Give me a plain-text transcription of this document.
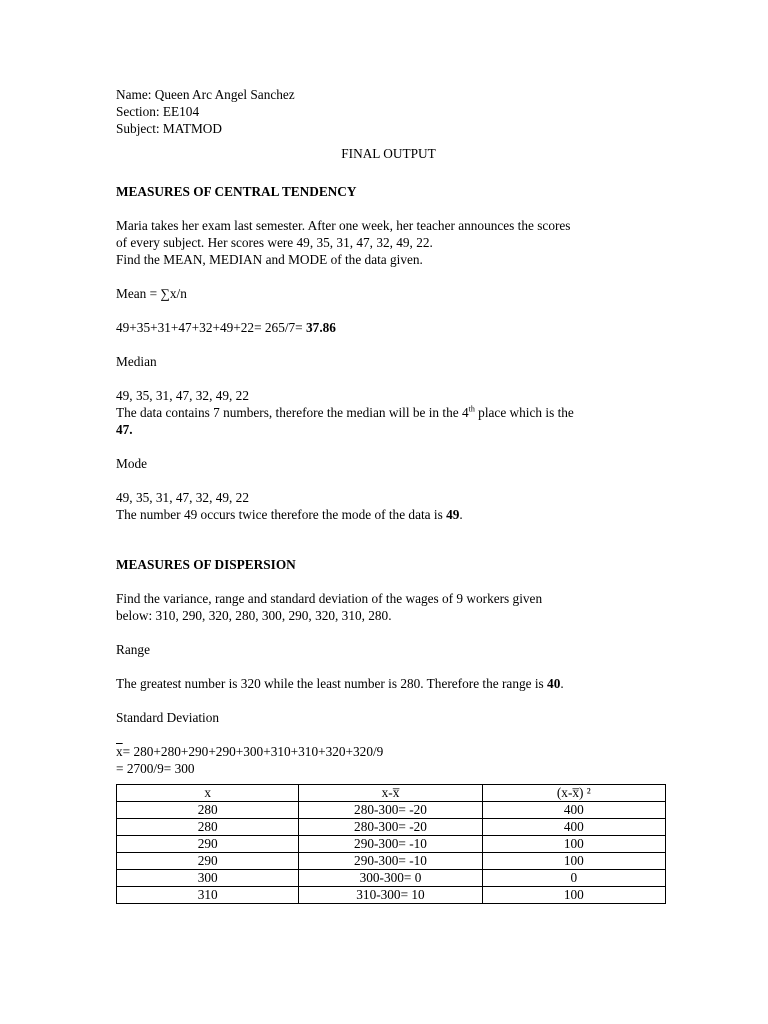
Name: Queen Arc Angel Sanchez

Section: EE104

Subject: MATMOD

FINAL OUTPUT

MEASURES OF CENTRAL TENDENCY

Maria takes her exam last semester. After one week, her teacher announces the scores

of every subject. Her scores were 49, 35, 31, 47, 32, 49, 22.

Find the MEAN, MEDIAN and MODE of the data given.

Mean = ∑x/n

49+35+31+47+32+49+22= 265/7= 37.86

Median

49, 35, 31, 47, 32, 49, 22

The data contains 7 numbers, therefore the median will be in the 4th place which is the

47.

Mode

49, 35, 31, 47, 32, 49, 22

The number 49 occurs twice therefore the mode of the data is 49.

MEASURES OF DISPERSION

Find the variance, range and standard deviation of the wages of 9 workers given

below: 310, 290, 320, 280, 300, 290, 320, 310, 280.

Range

The greatest number is 320 while the least number is 280. Therefore the range is 40.

Standard Deviation

$\overline{x}= 280+280+290+290+300+310+310+320+320/9$

= 2700/9= 300

x	x-x̅	(x-x̅) ²
280	280-300= -20	400
280	280-300= -20	400
290	290-300= -10	100
290	290-300= -10	100
300	300-300= 0	0
310	310-300= 10	100
